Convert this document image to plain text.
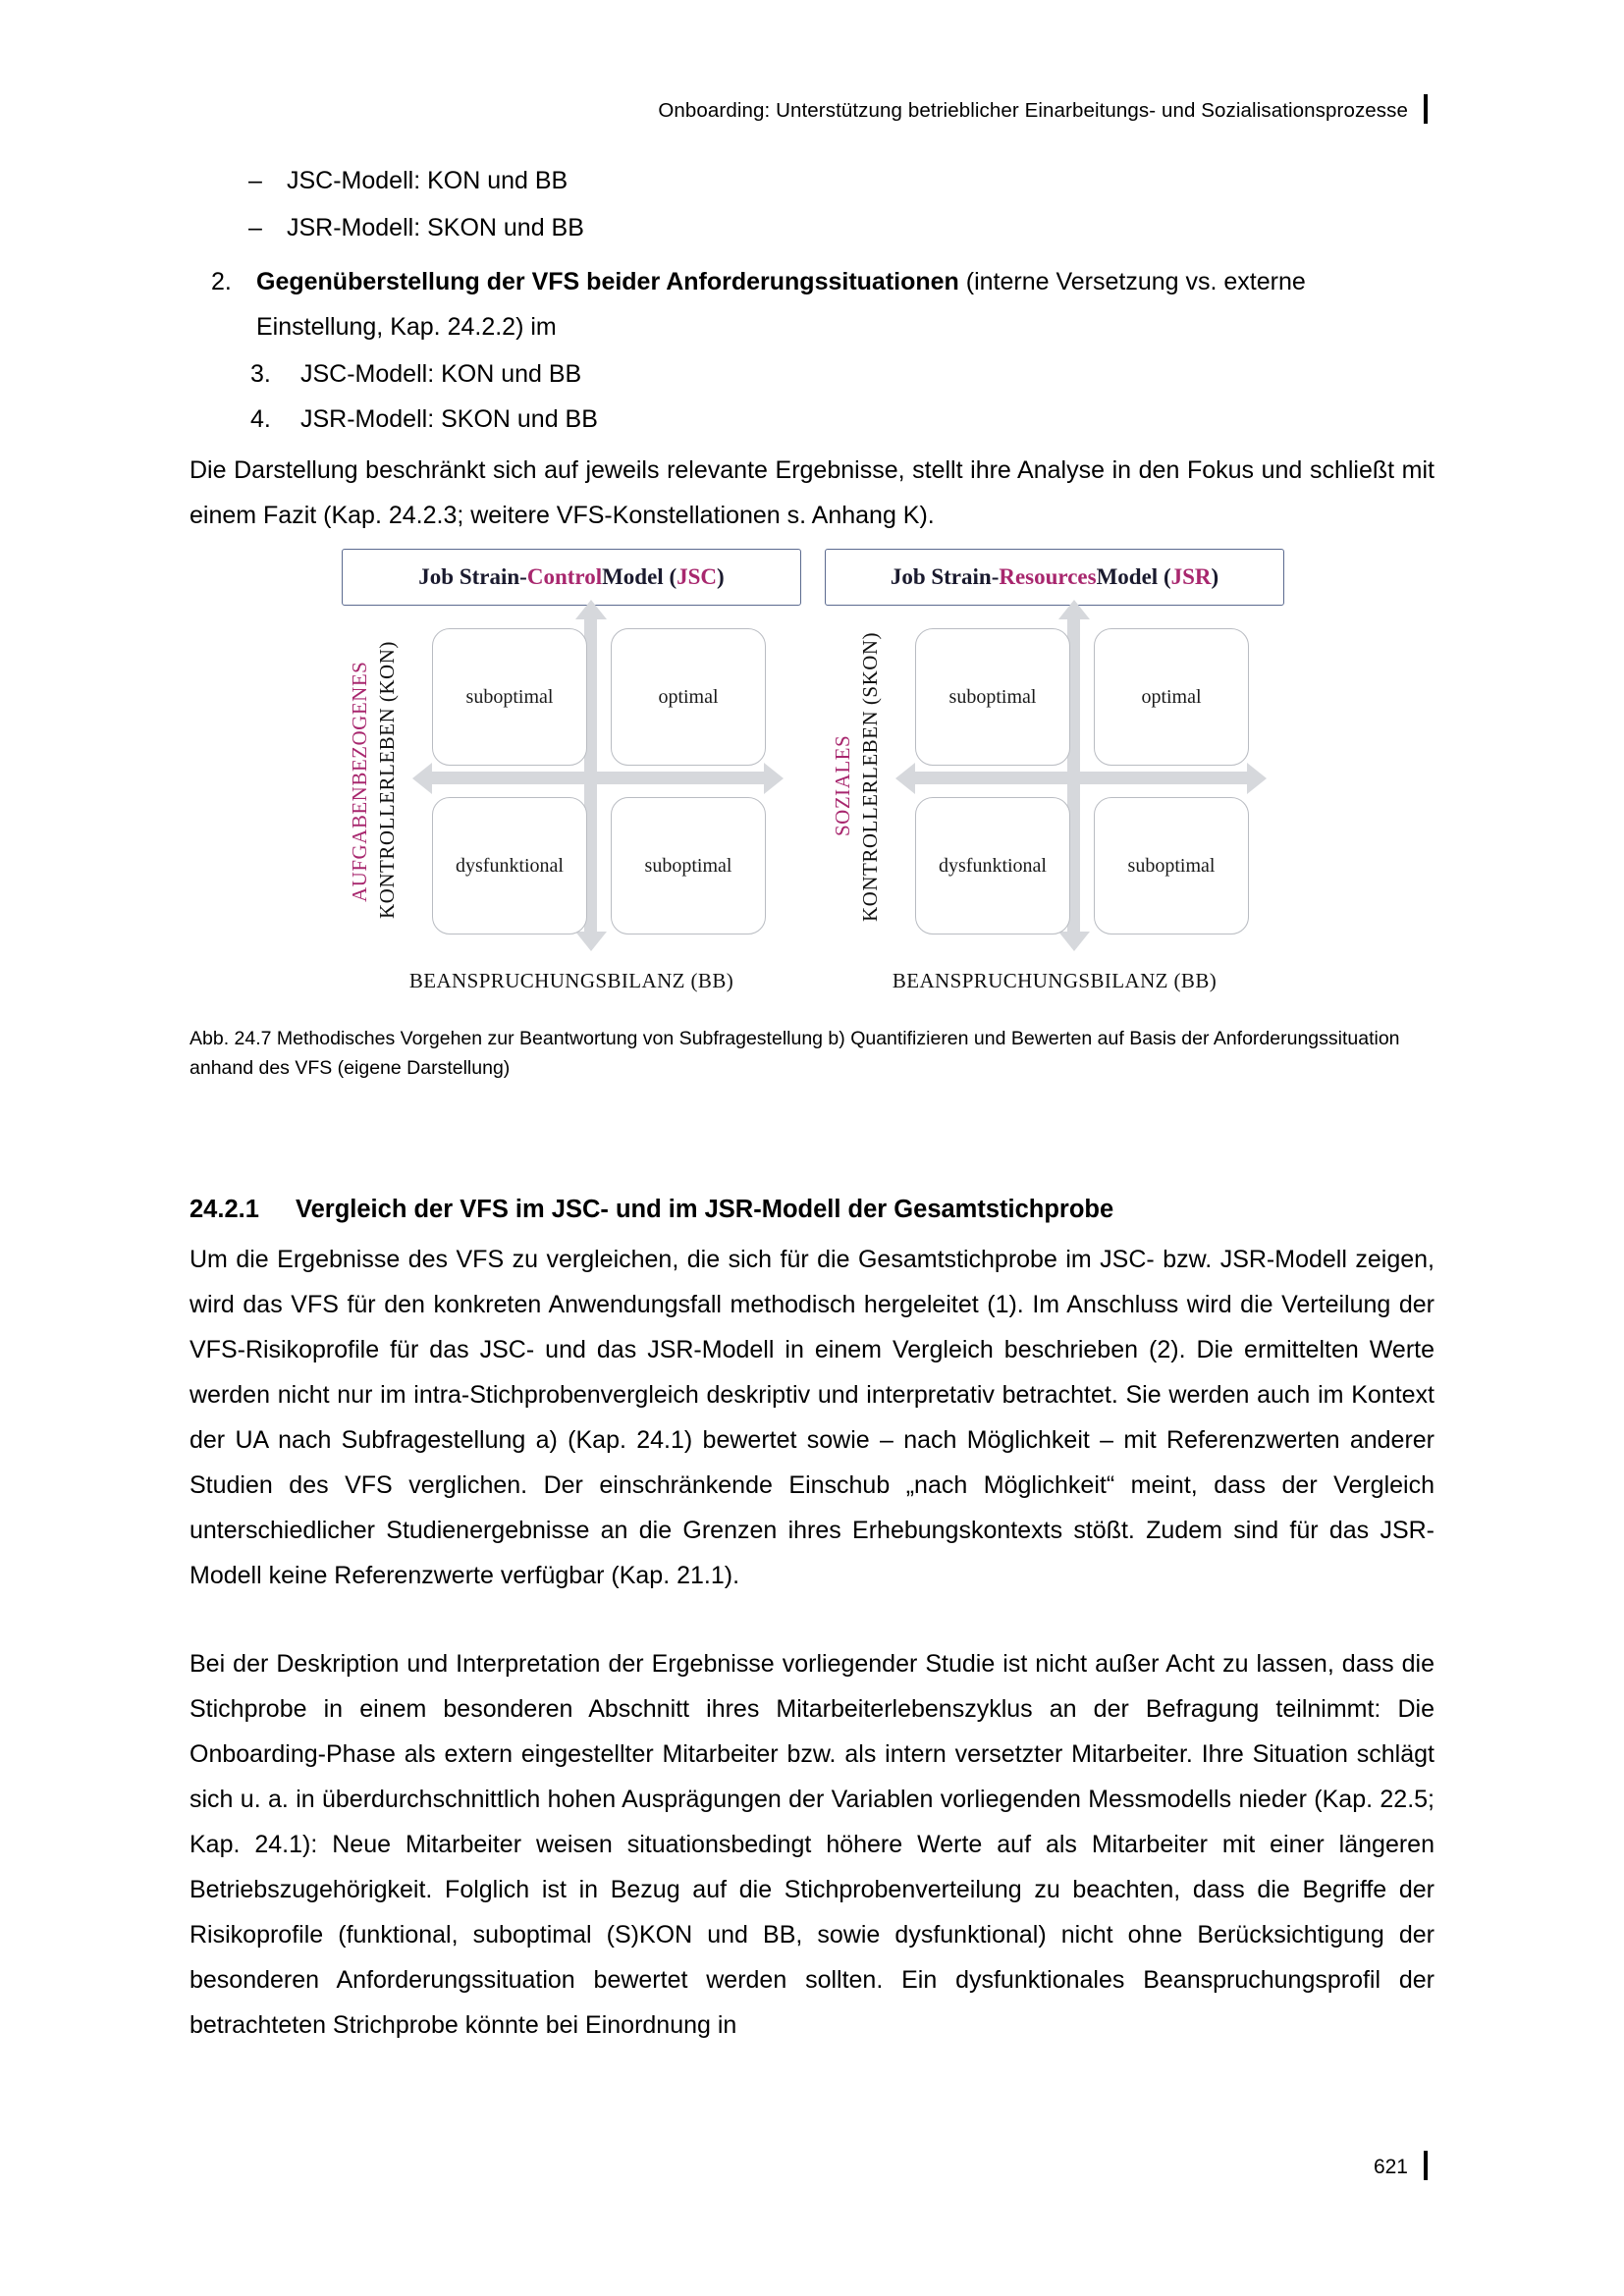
Onboarding: Unterstützung betrieblicher Einarbeitungs- und Sozialisationsprozesse
– JSC-Modell: KON und BB
– JSR-Modell: SKON und BB
2. Gegenüberstellung der VFS beider Anforderungssituationen (interne Versetzung vs. externe Einstellung, Kap. 24.2.2) im
3. JSC-Modell: KON und BB
4. JSR-Modell: SKON und BB

Die Darstellung beschränkt sich auf jeweils relevante Ergebnisse, stellt ihre Analyse in den Fokus und schließt mit einem Fazit (Kap. 24.2.3; weitere VFS-Konstellationen s. Anhang K).

Job Strain- Control Model ( JSC )
AUFGABENBEZOGENES KONTROLLERLEBEN (KON)	suboptimal	optimal
dysfunktional	suboptimal
BEANSPRUCHUNGSBILANZ (BB)
Job Strain- Resources Model ( JSR )
SOZIALES KONTROLLERLEBEN (SKON)	suboptimal	optimal
dysfunktional	suboptimal
BEANSPRUCHUNGSBILANZ (BB)
Abb. 24.7 Methodisches Vorgehen zur Beantwortung von Subfragestellung b) Quantifizieren und Bewerten auf Basis der Anforderungssituation anhand des VFS (eigene Darstellung)
24.2.1 Vergleich der VFS im JSC- und im JSR-Modell der Gesamtstichprobe

Um die Ergebnisse des VFS zu vergleichen, die sich für die Gesamtstichprobe im JSC- bzw. JSR-Modell zeigen, wird das VFS für den konkreten Anwendungsfall methodisch hergeleitet (1). Im Anschluss wird die Verteilung der VFS-Risikoprofile für das JSC- und das JSR-Modell in einem Vergleich beschrieben (2). Die ermittelten Werte werden nicht nur im intra-Stichprobenvergleich deskriptiv und interpretativ betrachtet. Sie werden auch im Kontext der UA nach Subfragestellung a) (Kap. 24.1) bewertet sowie – nach Möglichkeit – mit Referenzwerten anderer Studien des VFS verglichen. Der einschränkende Einschub „nach Möglichkeit“ meint, dass der Vergleich unterschiedlicher Studienergebnisse an die Grenzen ihres Erhebungskontexts stößt. Zudem sind für das JSR-Modell keine Referenzwerte verfügbar (Kap. 21.1).

Bei der Deskription und Interpretation der Ergebnisse vorliegender Studie ist nicht außer Acht zu lassen, dass die Stichprobe in einem besonderen Abschnitt ihres Mitarbeiterlebenszyklus an der Befragung teilnimmt: Die Onboarding-Phase als extern eingestellter Mitarbeiter bzw. als intern versetzter Mitarbeiter. Ihre Situation schlägt sich u. a. in überdurchschnittlich hohen Ausprägungen der Variablen vorliegenden Messmodells nieder (Kap. 22.5; Kap. 24.1): Neue Mitarbeiter weisen situationsbedingt höhere Werte auf als Mitarbeiter mit einer längeren Betriebszugehörigkeit. Folglich ist in Bezug auf die Stichprobenverteilung zu beachten, dass die Begriffe der Risikoprofile (funktional, suboptimal (S)KON und BB, sowie dysfunktional) nicht ohne Berücksichtigung der besonderen Anforderungssituation bewertet werden sollten. Ein dysfunktionales Beanspruchungsprofil der betrachteten Strichprobe könnte bei Einordnung in

621
